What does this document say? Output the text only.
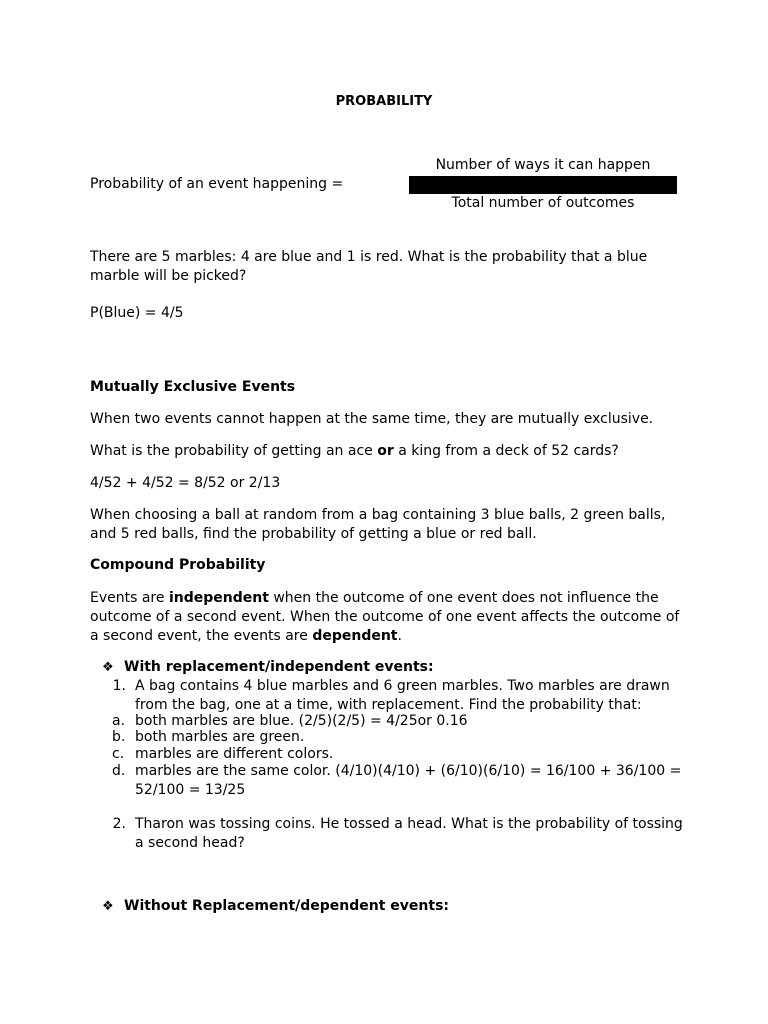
PROBABILITY
Number of ways it can happen
Probability of an event happening =
Total number of outcomes
There are 5 marbles: 4 are blue and 1 is red. What is the probability that a blue
marble will be picked?
P(Blue) = 4/5
Mutually Exclusive Events
When two events cannot happen at the same time, they are mutually exclusive.
What is the probability of getting an ace or a king from a deck of 52 cards?
4/52 + 4/52 = 8/52 or 2/13
When choosing a ball at random from a bag containing 3 blue balls, 2 green balls,
and 5 red balls, find the probability of getting a blue or red ball.
Compound Probability
Events are independent when the outcome of one event does not influence the
outcome of a second event. When the outcome of one event affects the outcome of
a second event, the events are dependent.
❖ With replacement/independent events:
1. A bag contains 4 blue marbles and 6 green marbles. Two marbles are drawn
from the bag, one at a time, with replacement. Find the probability that:
a. both marbles are blue. (2/5)(2/5) = 4/25or 0.16
b. both marbles are green.
c. marbles are different colors.
d. marbles are the same color. (4/10)(4/10) + (6/10)(6/10) = 16/100 + 36/100 =
52/100 = 13/25
2. Tharon was tossing coins. He tossed a head. What is the probability of tossing
a second head?
❖ Without Replacement/dependent events:
